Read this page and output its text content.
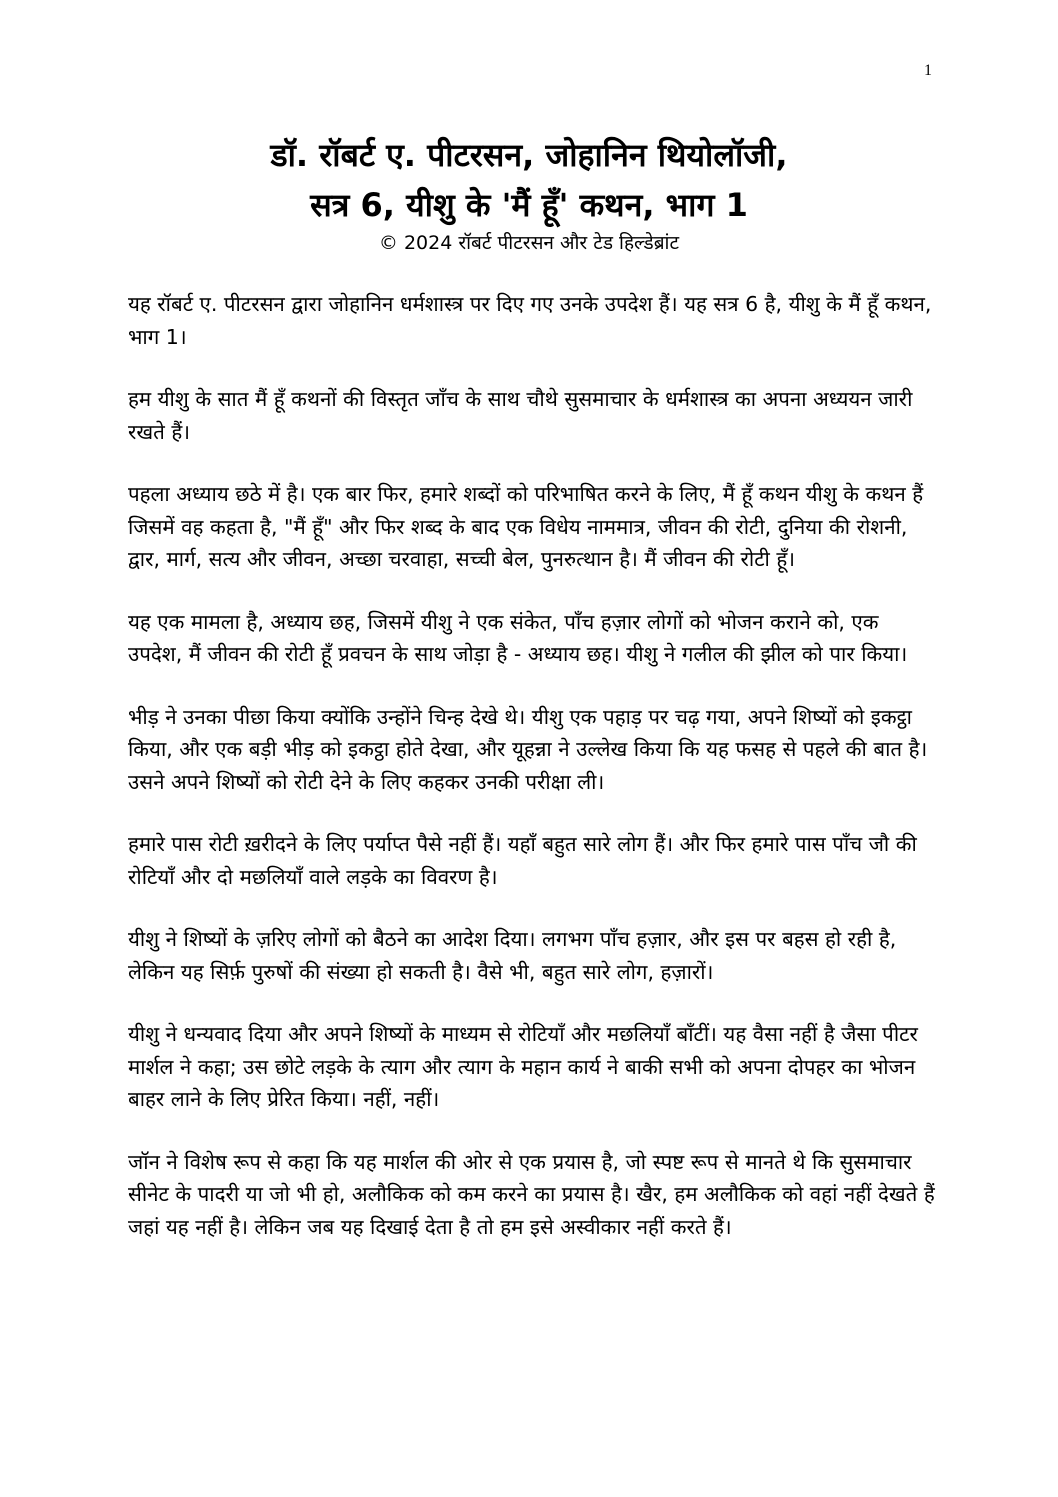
1
डॉ. रॉबर्ट ए. पीटरसन, जोहानिन थियोलॉजी,
सत्र 6, यीशु के 'मैं हूँ' कथन, भाग 1
© 2024 रॉबर्ट पीटरसन और टेड हिल्डेब्रांट

यह रॉबर्ट ए. पीटरसन द्वारा जोहानिन धर्मशास्त्र पर दिए गए उनके उपदेश हैं। यह सत्र 6 है, यीशु के मैं हूँ कथन, भाग 1।

हम यीशु के सात मैं हूँ कथनों की विस्तृत जाँच के साथ चौथे सुसमाचार के धर्मशास्त्र का अपना अध्ययन जारी रखते हैं।

पहला अध्याय छठे में है। एक बार फिर, हमारे शब्दों को परिभाषित करने के लिए, मैं हूँ कथन यीशु के कथन हैं जिसमें वह कहता है, "मैं हूँ" और फिर शब्द के बाद एक विधेय नाममात्र, जीवन की रोटी, दुनिया की रोशनी, द्वार, मार्ग, सत्य और जीवन, अच्छा चरवाहा, सच्ची बेल, पुनरुत्थान है। मैं जीवन की रोटी हूँ।

यह एक मामला है, अध्याय छह, जिसमें यीशु ने एक संकेत, पाँच हज़ार लोगों को भोजन कराने को, एक उपदेश, मैं जीवन की रोटी हूँ प्रवचन के साथ जोड़ा है - अध्याय छह। यीशु ने गलील की झील को पार किया।

भीड़ ने उनका पीछा किया क्योंकि उन्होंने चिन्ह देखे थे। यीशु एक पहाड़ पर चढ़ गया, अपने शिष्यों को इकट्ठा किया, और एक बड़ी भीड़ को इकट्ठा होते देखा, और यूहन्ना ने उल्लेख किया कि यह फसह से पहले की बात है। उसने अपने शिष्यों को रोटी देने के लिए कहकर उनकी परीक्षा ली।

हमारे पास रोटी ख़रीदने के लिए पर्याप्त पैसे नहीं हैं। यहाँ बहुत सारे लोग हैं। और फिर हमारे पास पाँच जौ की रोटियाँ और दो मछलियाँ वाले लड़के का विवरण है।

यीशु ने शिष्यों के ज़रिए लोगों को बैठने का आदेश दिया। लगभग पाँच हज़ार, और इस पर बहस हो रही है, लेकिन यह सिर्फ़ पुरुषों की संख्या हो सकती है। वैसे भी, बहुत सारे लोग, हज़ारों।

यीशु ने धन्यवाद दिया और अपने शिष्यों के माध्यम से रोटियाँ और मछलियाँ बाँटीं। यह वैसा नहीं है जैसा पीटर मार्शल ने कहा; उस छोटे लड़के के त्याग और त्याग के महान कार्य ने बाकी सभी को अपना दोपहर का भोजन बाहर लाने के लिए प्रेरित किया। नहीं, नहीं।

जॉन ने विशेष रूप से कहा कि यह मार्शल की ओर से एक प्रयास है, जो स्पष्ट रूप से मानते थे कि सुसमाचार सीनेट के पादरी या जो भी हो, अलौकिक को कम करने का प्रयास है। खैर, हम अलौकिक को वहां नहीं देखते हैं जहां यह नहीं है। लेकिन जब यह दिखाई देता है तो हम इसे अस्वीकार नहीं करते हैं।
